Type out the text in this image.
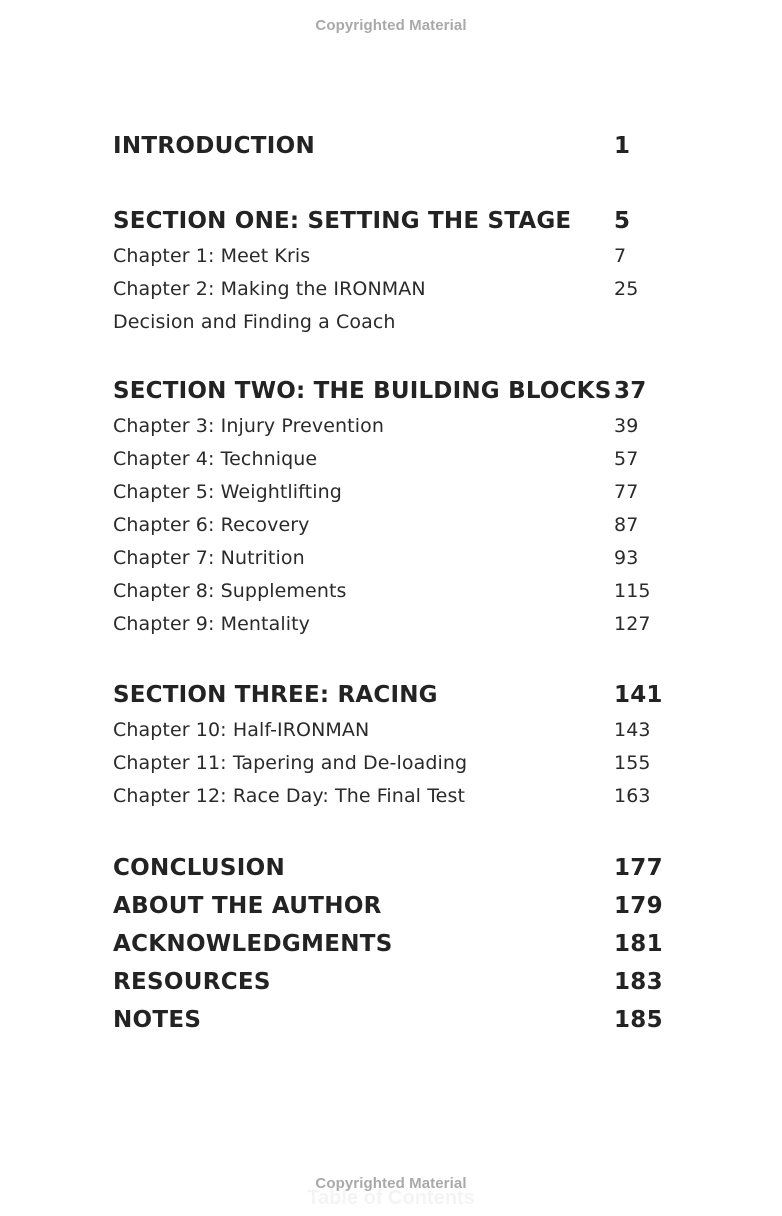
Copyrighted Material
INTRODUCTION	1
SECTION ONE: SETTING THE STAGE 5
Chapter 1: Meet Kris	7
Chapter 2: Making the IRONMAN	25
Decision and Finding a Coach
SECTION TWO: THE BUILDING BLOCKS 37
Chapter 3: Injury Prevention	39
Chapter 4: Technique	57
Chapter 5: Weightlifting	77
Chapter 6: Recovery	87
Chapter 7: Nutrition	93
Chapter 8: Supplements	115
Chapter 9: Mentality	127
SECTION THREE: RACING	141
Chapter 10: Half-IRONMAN	143
Chapter 11: Tapering and De-loading	155
Chapter 12: Race Day: The Final Test	163
CONCLUSION	177
ABOUT THE AUTHOR	179
ACKNOWLEDGMENTS	181
RESOURCES	183
NOTES	185
Copyrighted Material
Table of Contents
